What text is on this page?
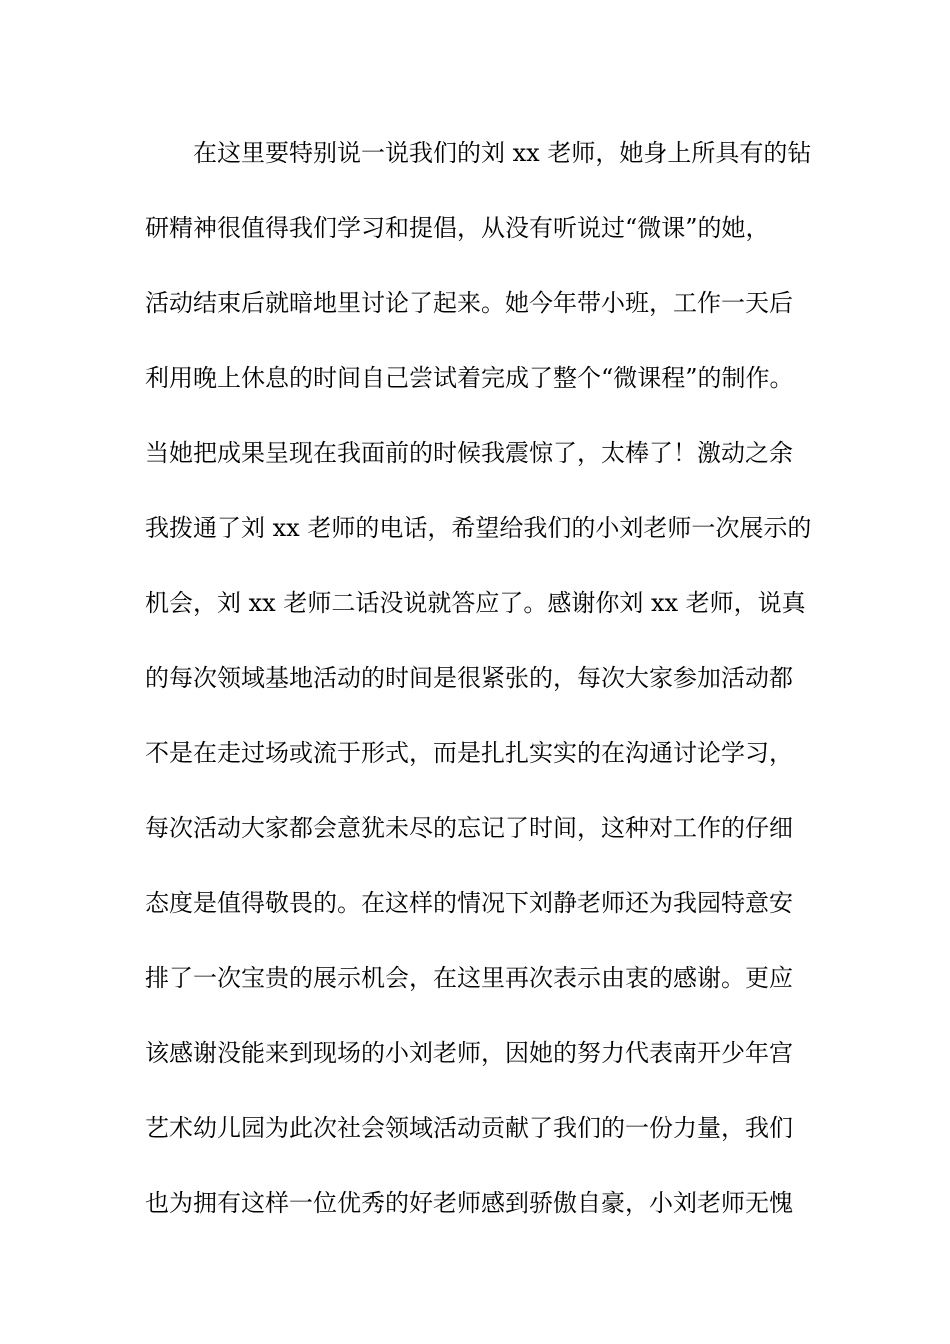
在这里要特别说一说我们的刘 xx 老师，她身上所具有的钻
研精神很值得我们学习和提倡，从没有听说过“微课”的她，
活动结束后就暗地里讨论了起来。她今年带小班，工作一天后
利用晚上休息的时间自己尝试着完成了整个“微课程”的制作。
当她把成果呈现在我面前的时候我震惊了，太棒了！激动之余
我拨通了刘 xx 老师的电话，希望给我们的小刘老师一次展示的
机会，刘 xx 老师二话没说就答应了。感谢你刘 xx 老师，说真
的每次领域基地活动的时间是很紧张的，每次大家参加活动都
不是在走过场或流于形式，而是扎扎实实的在沟通讨论学习，
每次活动大家都会意犹未尽的忘记了时间，这种对工作的仔细
态度是值得敬畏的。在这样的情况下刘静老师还为我园特意安
排了一次宝贵的展示机会，在这里再次表示由衷的感谢。更应
该感谢没能来到现场的小刘老师，因她的努力代表南开少年宫
艺术幼儿园为此次社会领域活动贡献了我们的一份力量，我们
也为拥有这样一位优秀的好老师感到骄傲自豪，小刘老师无愧
